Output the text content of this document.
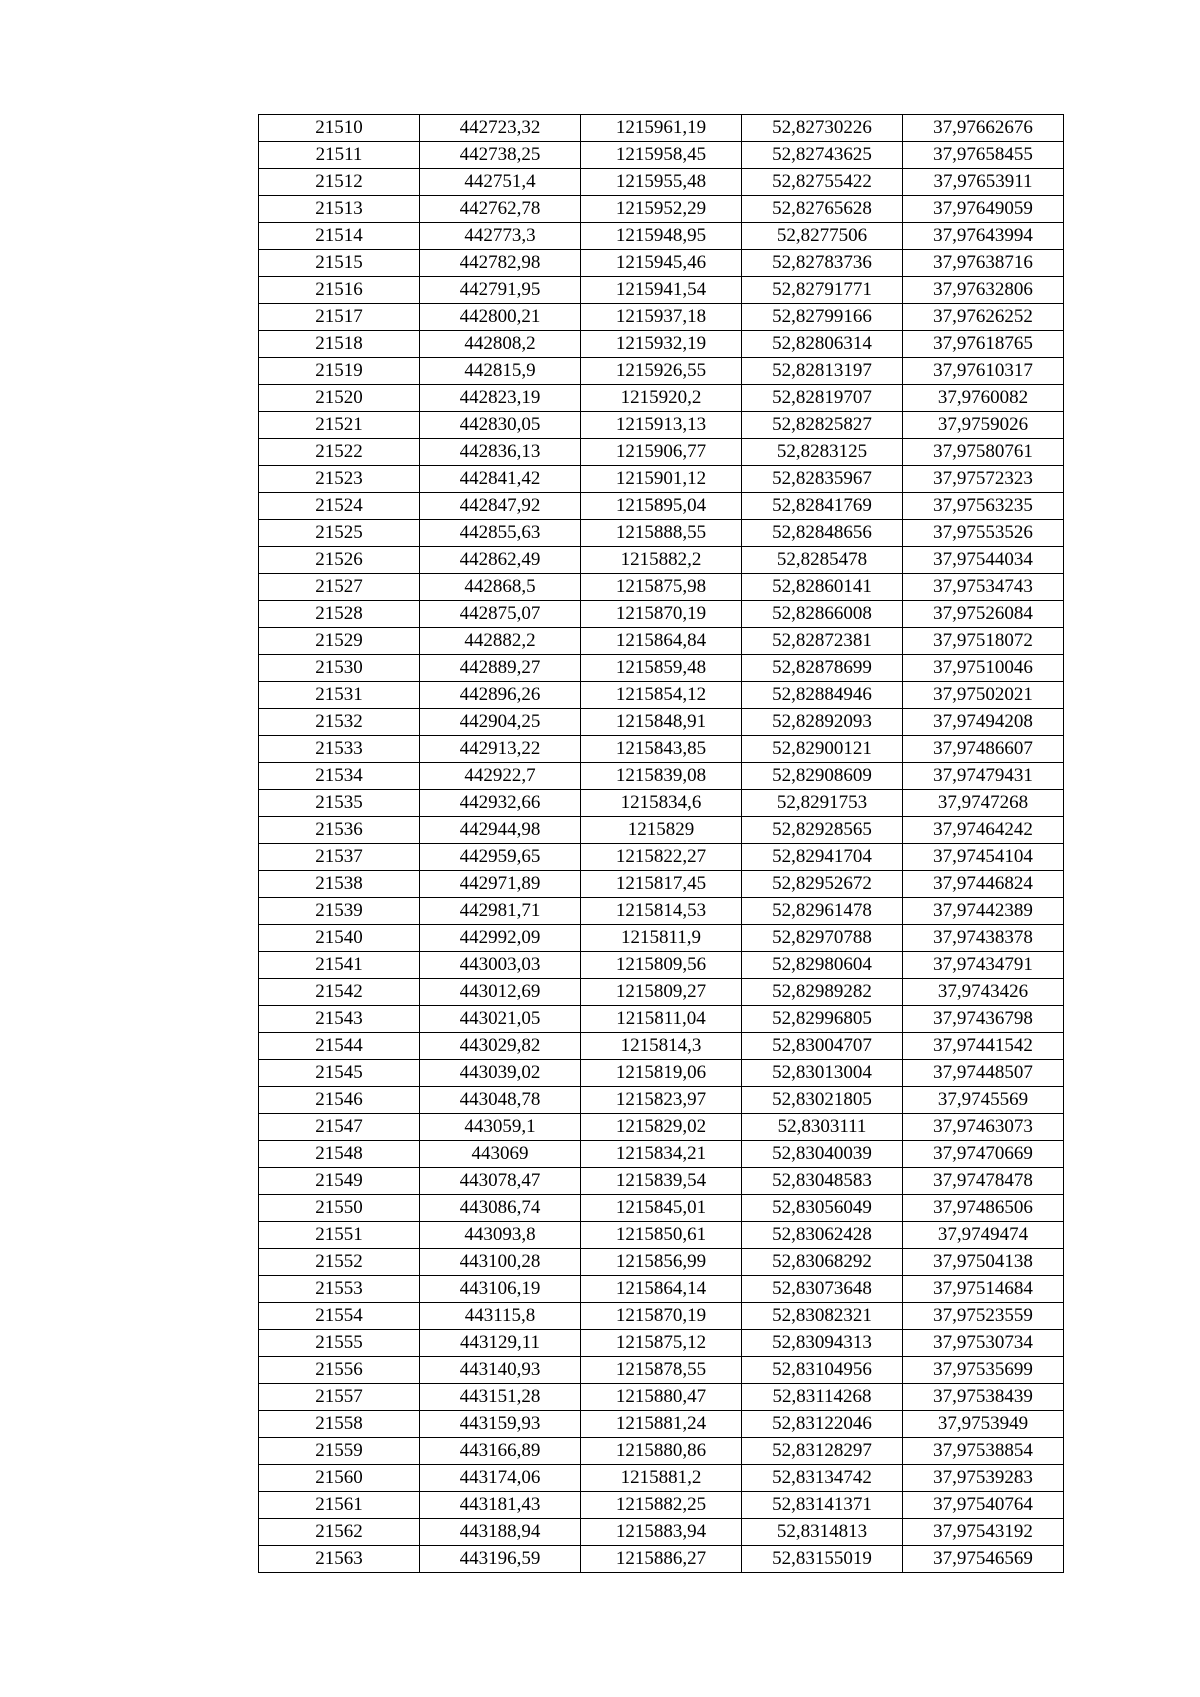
21510	442723,32	1215961,19	52,82730226	37,97662676
21511	442738,25	1215958,45	52,82743625	37,97658455
21512	442751,4	1215955,48	52,82755422	37,97653911
21513	442762,78	1215952,29	52,82765628	37,97649059
21514	442773,3	1215948,95	52,8277506	37,97643994
21515	442782,98	1215945,46	52,82783736	37,97638716
21516	442791,95	1215941,54	52,82791771	37,97632806
21517	442800,21	1215937,18	52,82799166	37,97626252
21518	442808,2	1215932,19	52,82806314	37,97618765
21519	442815,9	1215926,55	52,82813197	37,97610317
21520	442823,19	1215920,2	52,82819707	37,9760082
21521	442830,05	1215913,13	52,82825827	37,9759026
21522	442836,13	1215906,77	52,8283125	37,97580761
21523	442841,42	1215901,12	52,82835967	37,97572323
21524	442847,92	1215895,04	52,82841769	37,97563235
21525	442855,63	1215888,55	52,82848656	37,97553526
21526	442862,49	1215882,2	52,8285478	37,97544034
21527	442868,5	1215875,98	52,82860141	37,97534743
21528	442875,07	1215870,19	52,82866008	37,97526084
21529	442882,2	1215864,84	52,82872381	37,97518072
21530	442889,27	1215859,48	52,82878699	37,97510046
21531	442896,26	1215854,12	52,82884946	37,97502021
21532	442904,25	1215848,91	52,82892093	37,97494208
21533	442913,22	1215843,85	52,82900121	37,97486607
21534	442922,7	1215839,08	52,82908609	37,97479431
21535	442932,66	1215834,6	52,8291753	37,9747268
21536	442944,98	1215829	52,82928565	37,97464242
21537	442959,65	1215822,27	52,82941704	37,97454104
21538	442971,89	1215817,45	52,82952672	37,97446824
21539	442981,71	1215814,53	52,82961478	37,97442389
21540	442992,09	1215811,9	52,82970788	37,97438378
21541	443003,03	1215809,56	52,82980604	37,97434791
21542	443012,69	1215809,27	52,82989282	37,9743426
21543	443021,05	1215811,04	52,82996805	37,97436798
21544	443029,82	1215814,3	52,83004707	37,97441542
21545	443039,02	1215819,06	52,83013004	37,97448507
21546	443048,78	1215823,97	52,83021805	37,9745569
21547	443059,1	1215829,02	52,8303111	37,97463073
21548	443069	1215834,21	52,83040039	37,97470669
21549	443078,47	1215839,54	52,83048583	37,97478478
21550	443086,74	1215845,01	52,83056049	37,97486506
21551	443093,8	1215850,61	52,83062428	37,9749474
21552	443100,28	1215856,99	52,83068292	37,97504138
21553	443106,19	1215864,14	52,83073648	37,97514684
21554	443115,8	1215870,19	52,83082321	37,97523559
21555	443129,11	1215875,12	52,83094313	37,97530734
21556	443140,93	1215878,55	52,83104956	37,97535699
21557	443151,28	1215880,47	52,83114268	37,97538439
21558	443159,93	1215881,24	52,83122046	37,9753949
21559	443166,89	1215880,86	52,83128297	37,97538854
21560	443174,06	1215881,2	52,83134742	37,97539283
21561	443181,43	1215882,25	52,83141371	37,97540764
21562	443188,94	1215883,94	52,8314813	37,97543192
21563	443196,59	1215886,27	52,83155019	37,97546569
